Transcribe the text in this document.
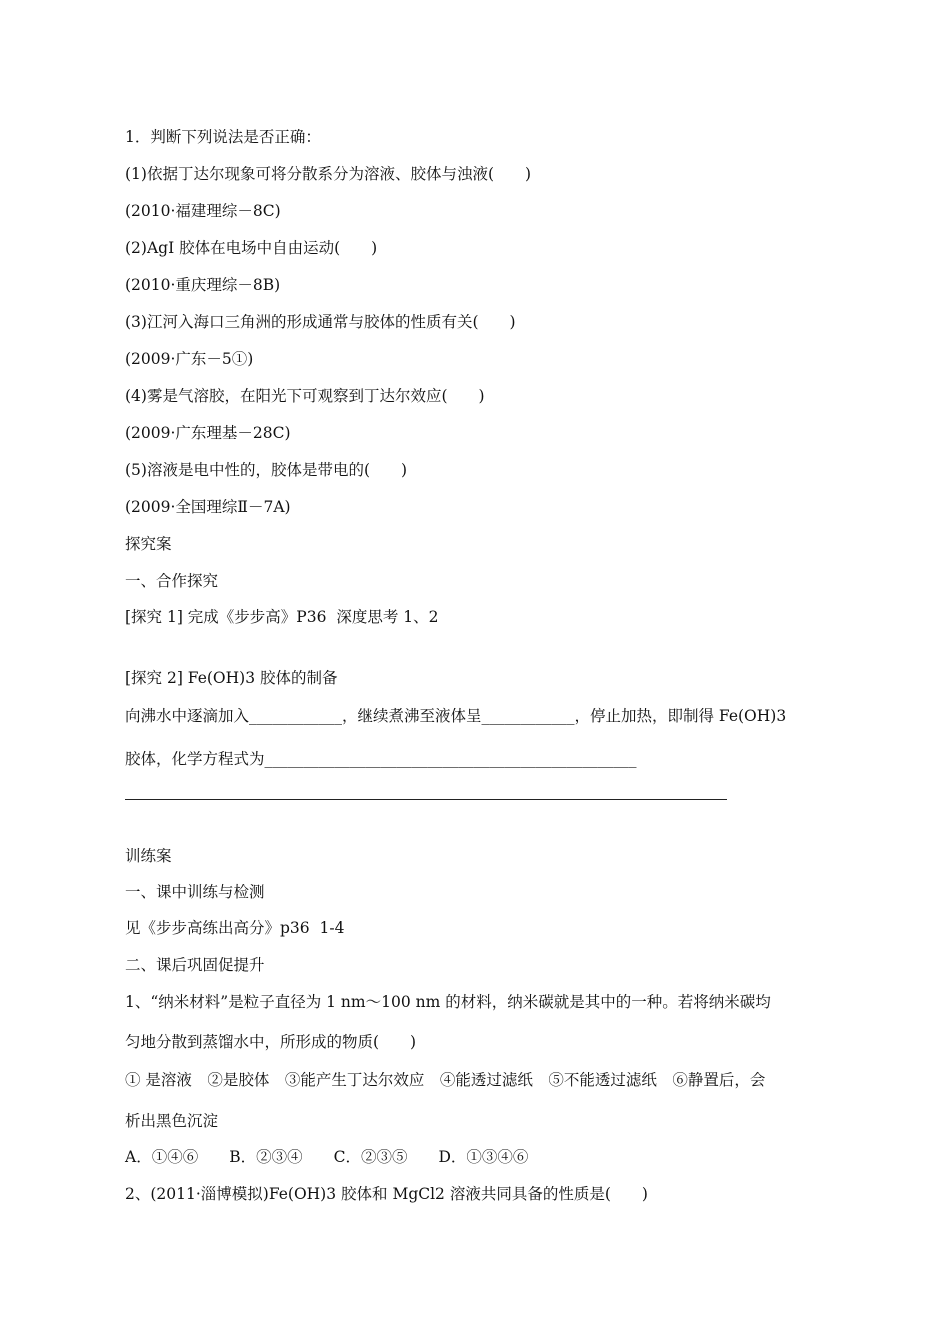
1．判断下列说法是否正确：
(1)依据丁达尔现象可将分散系分为溶液、胶体与浊液(　　)
(2010·福建理综－8C)
(2)AgI 胶体在电场中自由运动(　　)
(2010·重庆理综－8B)
(3)江河入海口三角洲的形成通常与胶体的性质有关(　　)
(2009·广东－5①)
(4)雾是气溶胶，在阳光下可观察到丁达尔效应(　　)
(2009·广东理基－28C)
(5)溶液是电中性的，胶体是带电的(　　)
(2009·全国理综Ⅱ－7A)
探究案
一、合作探究
[探究 1] 完成《步步高》P36  深度思考 1、2
[探究 2] Fe(OH)3 胶体的制备
向沸水中逐滴加入____________，继续煮沸至液体呈____________，停止加热，即制得 Fe(OH)3
胶体，化学方程式为________________________________________________
训练案
一、课中训练与检测
见《步步高练出高分》p36  1-4
二、课后巩固促提升
1、“纳米材料”是粒子直径为 1 nm～100 nm 的材料，纳米碳就是其中的一种。若将纳米碳均
匀地分散到蒸馏水中，所形成的物质(　　)
① 是溶液　②是胶体　③能产生丁达尔效应　④能透过滤纸　⑤不能透过滤纸　⑥静置后，会
析出黑色沉淀
A．①④⑥　　B．②③④　　C．②③⑤　　D．①③④⑥
2、(2011·淄博模拟)Fe(OH)3 胶体和 MgCl2 溶液共同具备的性质是(　　)
